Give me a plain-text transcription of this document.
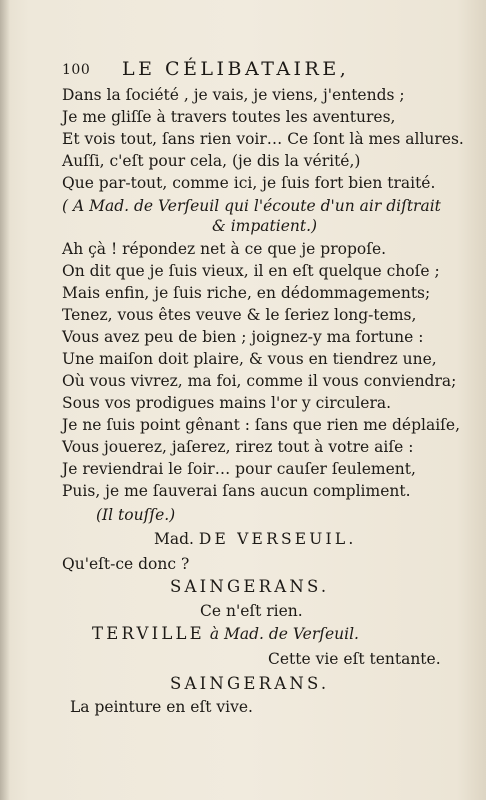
100 LE CÉLIBATAIRE,
Dans la ſociété , je vais, je viens, j'entends ;
Je me gliſſe à travers toutes les aventures,
Et vois tout, ſans rien voir… Ce ſont là mes allures.
Auſſi, c'eſt pour cela, (je dis la vérité,)
Que par-tout, comme ici, je ſuis fort bien traité.
( A Mad. de Verſeuil qui l'écoute d'un air diſtrait
& impatient.)
Ah çà ! répondez net à ce que je propoſe.
On dit que je ſuis vieux, il en eſt quelque choſe ;
Mais enfin, je ſuis riche, en dédommagements;
Tenez, vous êtes veuve & le ſeriez long-tems,
Vous avez peu de bien ; joignez-y ma fortune :
Une maiſon doit plaire, & vous en tiendrez une,
Où vous vivrez, ma foi, comme il vous conviendra;
Sous vos prodigues mains l'or y circulera.
Je ne ſuis point gênant : ſans que rien me déplaiſe,
Vous jouerez, jaſerez, rirez tout à votre aiſe :
Je reviendrai le ſoir… pour cauſer ſeulement,
Puis, je me ſauverai ſans aucun compliment.
(Il touſſe.)
Mad. DE VERSEUIL.
Qu'eſt-ce donc ?
SAINGERANS.
Ce n'eſt rien.
TERVILLE à Mad. de Verſeuil.
Cette vie eſt tentante.
SAINGERANS.
La peinture en eſt vive.
